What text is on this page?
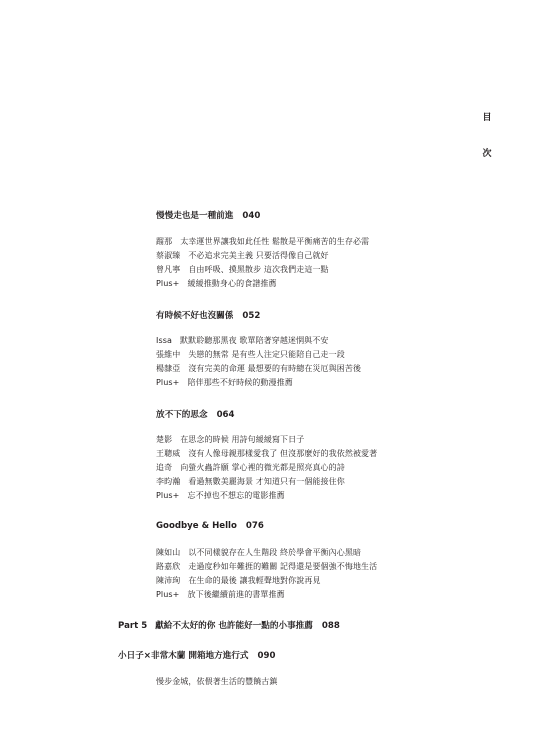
目
次
慢慢走也是一種前進 040
蹓那 太幸運世界讓我如此任性 鬆散是平衡痛苦的生存必需
蔡淑臻 不必追求完美主義 只要活得像自己就好
曾凡寧 自由呼吸、摸黑散步 這次我們走這一點
Plus+ 緩緩推動身心的食譜推薦
有時候不好也沒關係 052
Issa 默默聆聽那黑夜 歌單陪著穿越迷惘與不安
張維中 失戀的無常 是有些人注定只能陪自己走一段
楊隸亞 沒有完美的命運 最想要的有時總在災厄與困苦後
Plus+ 陪伴那些不好時候的動漫推薦
放不下的思念 064
楚影 在思念的時候 用詩句緩緩寫下日子
王聰威 沒有人像母親那樣愛我了 但沒那麼好的我依然被愛著
追奇 向螢火蟲許願 掌心裡的微光都是照亮真心的詩
李昀瀚 看過無數美麗海景 才知道只有一個能接住你
Plus+ 忘不掉也不想忘的電影推薦
Goodbye & Hello 076
陳如山 以不同樣貌存在人生階段 終於學會平衡內心黑暗
路嘉欣 走過度秒如年難捱的難關 記得還是要個強不悔地生活
陳沛珣 在生命的最後 讓我輕聲地對你說再見
Plus+ 放下後繼續前進的書單推薦
Part 5 獻給不太好的你 也許能好一點的小事推薦 088
小日子×非常木蘭 開箱地方進行式 090
慢步金城，依偎著生活的豐饒古鎮
